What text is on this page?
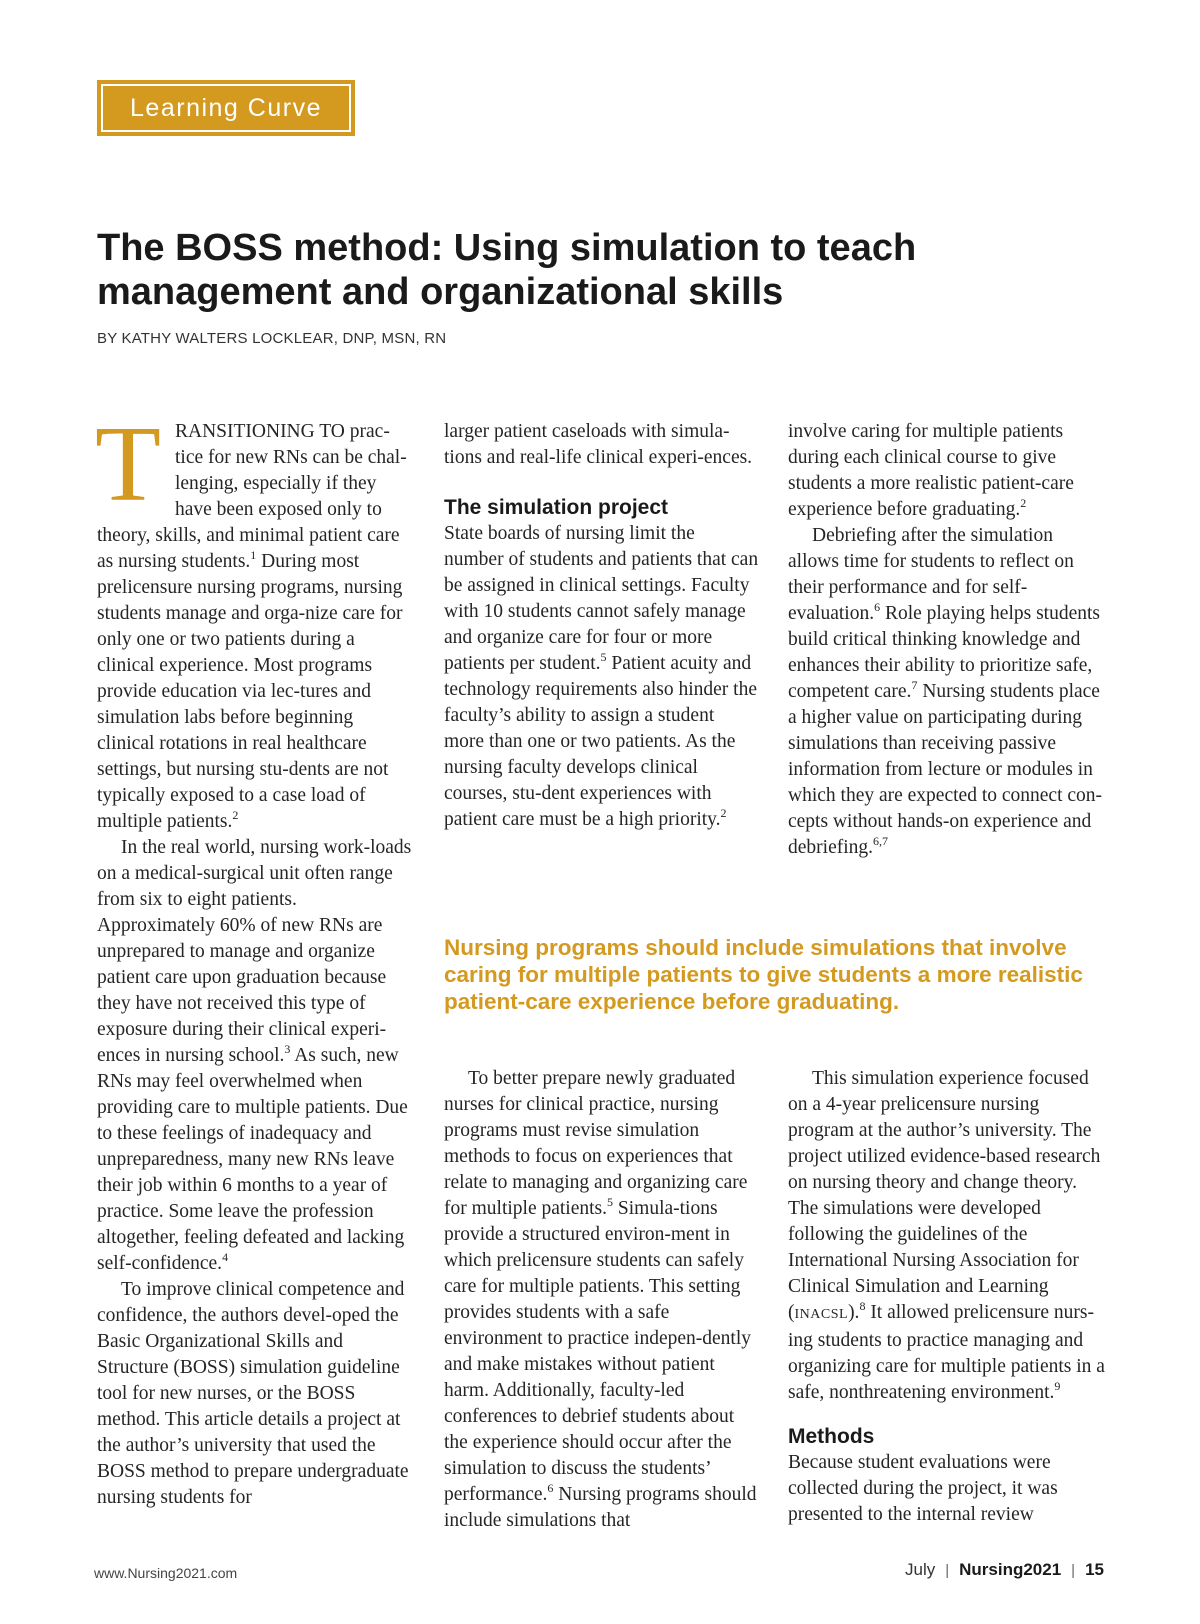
Learning Curve
The BOSS method: Using simulation to teach management and organizational skills
BY KATHY WALTERS LOCKLEAR, DNP, MSN, RN

TRANSITIONING TO prac-tice for new RNs can be chal-lenging, especially if they have been exposed only to theory, skills, and minimal patient care as nursing students.$^1$ During most prelicensure nursing programs, nursing students manage and orga-nize care for only one or two patients during a clinical experience. Most programs provide education via lec-tures and simulation labs before beginning clinical rotations in real healthcare settings, but nursing stu-dents are not typically exposed to a case load of multiple patients.$^2$

In the real world, nursing work-loads on a medical-surgical unit often range from six to eight patients. Approximately 60% of new RNs are unprepared to manage and organize patient care upon graduation because they have not received this type of exposure during their clinical experi-ences in nursing school.$^3$ As such, new RNs may feel overwhelmed when providing care to multiple patients. Due to these feelings of inadequacy and unpreparedness, many new RNs leave their job within 6 months to a year of practice. Some leave the profession altogether, feeling defeated and lacking self-confidence.$^4$

To improve clinical competence and confidence, the authors devel-oped the Basic Organizational Skills and Structure (BOSS) simulation guideline tool for new nurses, or the BOSS method. This article details a project at the author’s university that used the BOSS method to prepare undergraduate nursing students for

larger patient caseloads with simula-tions and real-life clinical experi-ences.

The simulation project

State boards of nursing limit the number of students and patients that can be assigned in clinical settings. Faculty with 10 students cannot safely manage and organize care for four or more patients per student.$^5$ Patient acuity and technology requirements also hinder the faculty’s ability to assign a student more than one or two patients. As the nursing faculty develops clinical courses, stu-dent experiences with patient care must be a high priority.$^2$

involve caring for multiple patients during each clinical course to give students a more realistic patient-care experience before graduating.$^2$

Debriefing after the simulation allows time for students to reflect on their performance and for self-evaluation.$^6$ Role playing helps students build critical thinking knowledge and enhances their ability to prioritize safe, competent care.$^7$ Nursing students place a higher value on participating during simulations than receiving passive information from lecture or modules in which they are expected to connect con-cepts without hands-on experience and debriefing.$^{6,7}$

Nursing programs should include simulations that involve caring for multiple patients to give students a more realistic patient-care experience before graduating.

To better prepare newly graduated nurses for clinical practice, nursing programs must revise simulation methods to focus on experiences that relate to managing and organizing care for multiple patients.$^5$ Simula-tions provide a structured environ-ment in which prelicensure students can safely care for multiple patients. This setting provides students with a safe environment to practice indepen-dently and make mistakes without patient harm. Additionally, faculty-led conferences to debrief students about the experience should occur after the simulation to discuss the students’ performance.$^6$ Nursing programs should include simulations that

This simulation experience focused on a 4-year prelicensure nursing program at the author’s university. The project utilized evidence-based research on nursing theory and change theory. The simulations were developed following the guidelines of the International Nursing Association for Clinical Simulation and Learning (INACSL).$^8$ It allowed prelicensure nurs-ing students to practice managing and organizing care for multiple patients in a safe, nonthreatening environment.$^9$

Methods

Because student evaluations were collected during the project, it was presented to the internal review

www.Nursing2021.com	July | Nursing2021 | 15
